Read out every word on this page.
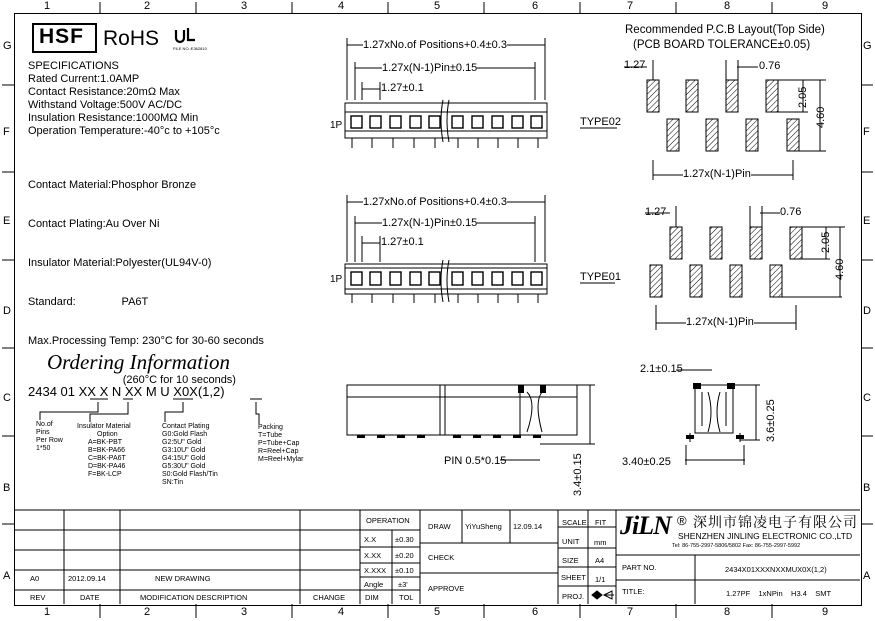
1	2	3	4	5	6	7	8	9
1	2	3	4	5	6	7	8	9
G
F
E
D
C
B
A
G
F
E
D
C
B
A
HSF RoHS	FILE NO.:E362810
SPECIFICATIONS
Rated Current:1.0AMP
Contact Resistance:20mΩ Max
Withstand Voltage:500V AC/DC
Insulation Resistance:1000MΩ Min
Operation Temperature:-40°c to +105°c

Contact Material:Phosphor Bronze

Contact Plating:Au Over Ni

Insulator Material:Polyester(UL94V-0)

Standard:               PA6T

Max.Processing Temp: 230°C for 30-60 seconds

(260°C for 10 seconds)

1.27xNo.of Positions+0.4±0.3
1.27x(N-1)Pin±0.15
1.27±0.1
1P	TYPE02
1.27xNo.of Positions+0.4±0.3
1.27x(N-1)Pin±0.15
1.27±0.1
1P	TYPE01
Recommended P.C.B Layout(Top Side)
(PCB BOARD TOLERANCE±0.05)
1.27	0.76
2.05
4.60
1.27x(N-1)Pin
1.27	0.76
2.05
4.60
1.27x(N-1)Pin
Ordering Information
2434 01 XX X N XX M U X0X(1,2)
No.of
Pins
Per Row
1*50
Insulator Material
Option
A=BK-PBT
B=BK-PA66
C=BK-PA6T
D=BK-PA46
F=BK-LCP
Contact Plating
G0:Gold Flash
G2:5U" Gold
G3:10U" Gold
G4:15U" Gold
G5:30U" Gold
S0:Gold Flash/Tin
SN:Tin
Packing
T=Tube
P=Tube+Cap
R=Reel+Cap
M=Reel+Mylar	PIN 0.5*0.15	3.4±0.15
2.1±0.15
3.6±0.25
3.40±0.25
A0	2012.09.14	NEW DRAWING
REV	DATE	MODIFICATION DESCRIPTION	CHANGE	DIM	TOL
OPERATION
X.X	±0.30
X.XX ±0.20
X.XXX ±0.10
Angle ±3'
DRAW YiYuSheng 12.09.14
CHECK
APPROVE
SCALE FIT
UNIT mm
SIZE A4
SHEET 1/1
PROJ.
JiLN ® 深圳市锦凌电子有限公司
SHENZHEN JINLING ELECTRONIC CO.,LTD
Tel: 86-755-2997-5806/5802 Fax: 86-755-2997-5992
PART NO.	2434X01XXXNXXMUX0X(1,2)
TITLE:	1.27PF    1xNPin    H3.4    SMT
